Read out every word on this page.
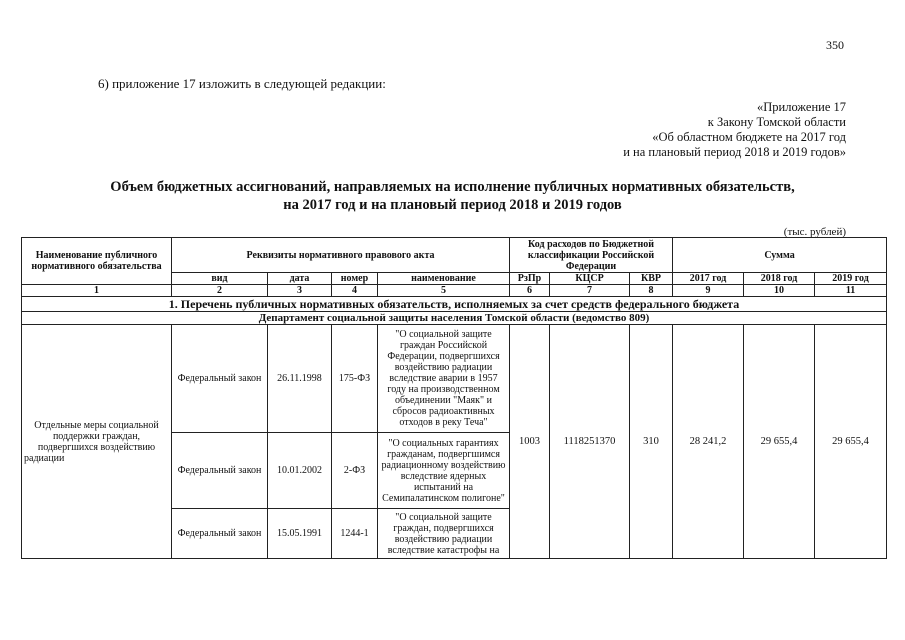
350
6) приложение 17 изложить в следующей редакции:
«Приложение 17
к Закону Томской области
«Об областном бюджете на 2017 год
и на плановый период 2018 и 2019 годов»
Объем бюджетных ассигнований, направляемых на исполнение публичных нормативных обязательств,
на 2017 год и на плановый период 2018 и 2019 годов
(тыс. рублей)
Наименование публичного нормативного обязательства	Реквизиты нормативного правового акта				Код расходов по Бюджетной классификации Российской Федерации			Сумма		
	вид	дата	номер	наименование	РзПр	КЦСР	КВР	2017 год	2018 год	2019 год
1	2	3	4	5	6	7	8	9	10	11
1. Перечень публичных нормативных обязательств, исполняемых за счет средств федерального бюджета										
Департамент социальной защиты населения Томской области (ведомство 809)										

Отдельные меры социальной поддержки граждан, подвергшихся воздействию радиации	Федеральный закон	26.11.1998	175-ФЗ	"О социальной защите граждан Российской Федерации, подвергшихся воздействию радиации вследствие аварии в 1957 году на производственном объединении "Маяк" и сбросов радиоактивных отходов в реку Теча"	1003	1118251370	310	28 241,2	29 655,4	29 655,4
	Федеральный закон	10.01.2002	2-ФЗ	"О социальных гарантиях гражданам, подвергшимся радиационному воздействию вследствие ядерных испытаний на Семипалатинском полигоне"						
	Федеральный закон	15.05.1991	1244-1	"О социальной защите граждан, подвергшихся воздействию радиации вследствие катастрофы на						
